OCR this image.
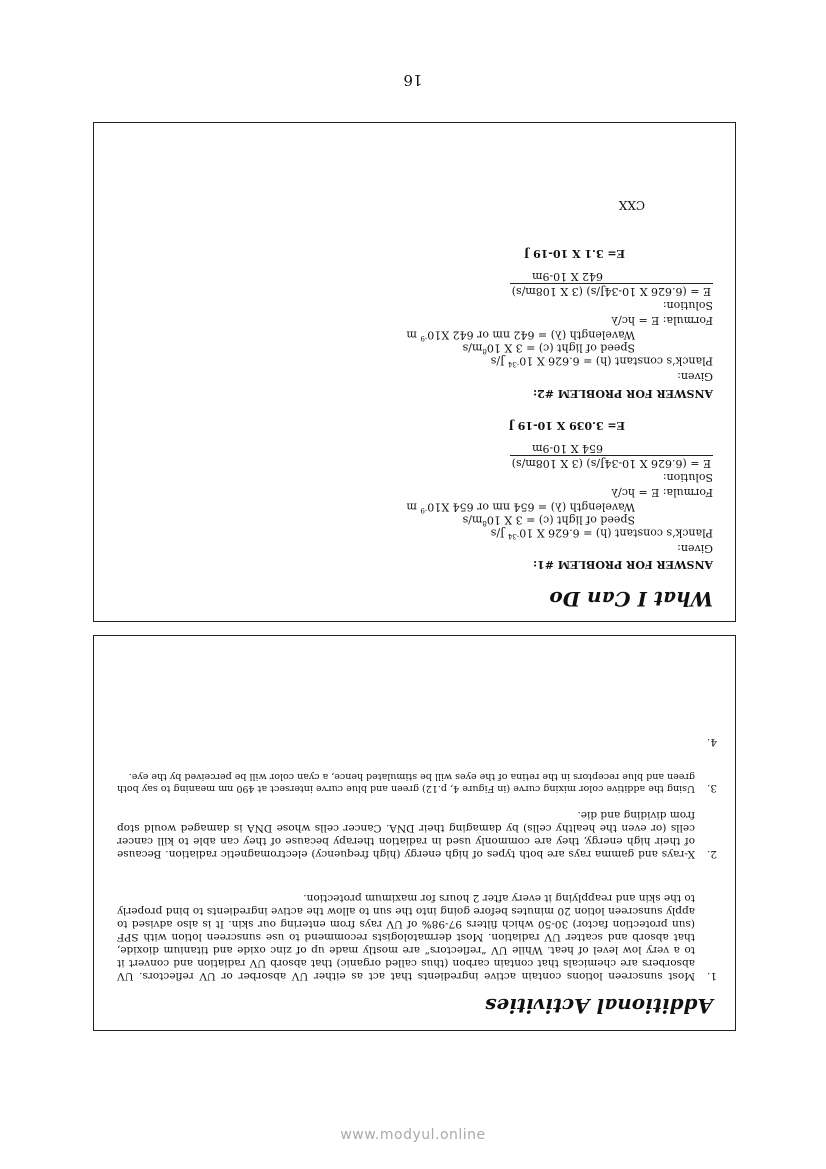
What I Can Do
ANSWER FOR PROBLEM #1:
Given:
Planck’s constant (h) = 6.626 X $10^{-34}$ J/s
Speed of light (c) = 3 X $10^8m/s$
Wavelength (λ) = 654 nm or 654 $X10^{-9}$ m
Formula: E = hc/λ
Solution:
E = (6.626 X 10-34J/s) (3 X 108m/s)
654 X 10-9m
E= 3.039 X 10-19 J
ANSWER FOR PROBLEM #2:
Given:
Planck’s constant (h) = 6.626 X $10^{-34}$ J/s
Speed of light (c) = 3 X $10^8m/s$
Wavelength (λ) = 642 nm or 642 $X10^{-9}$ m
Formula: E = hc/λ
Solution:
E = (6.626 X 10-34J/s) (3 X 108m/s)
642 X 10-9m
E= 3.1 X 10-19 J
CXX
Additional Activities
1.
Most sunscreen lotions contain active ingredients that act as either UV absorber or UV reflectors. UV absorbers are chemicals that contain carbon (thus called organic) that absorb UV radiation and convert it to a very low level of heat. While UV “reflectors” are mostly made up of zinc oxide and titanium dioxide, that absorb and scatter UV radiation. Most dermatologists recommend to use sunscreen lotion with SPF (sun protection factor) 30-50 which filters 97-98% of UV rays from entering our skin. It is also advised to apply sunscreen lotion 20 minutes before going into the sun to allow the active ingredients to bind properly to the skin and reapplying it every after 2 hours for maximum protection.
2.
X-rays and gamma rays are both types of high energy (high frequency) electromagnetic radiation. Because of their high energy, they are commonly used in radiation therapy because of they can able to kill cancer cells (or even the healthy cells) by damaging their DNA. Cancer cells whose DNA is damaged would stop from dividing and die.
3.
Using the additive color mixing curve (in Figure 4, p.12) green and blue curve intersect at 490 nm meaning to say both green and blue receptors in the retina of the eyes will be stimulated hence, a cyan color will be perceived by the eye.
4.
16
www.modyul.online
